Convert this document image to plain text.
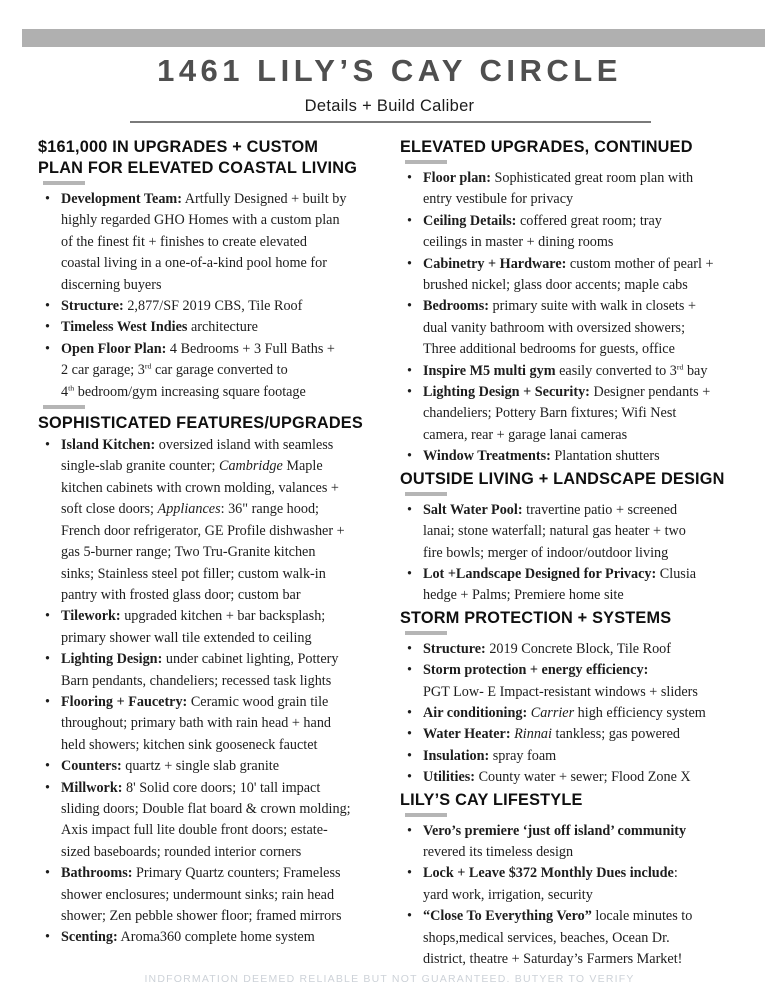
1461 LILY’S CAY CIRCLE
Details + Build Caliber
$161,000 IN UPGRADES + CUSTOM
PLAN FOR ELEVATED COASTAL LIVING
• Development Team: Artfully Designed + built by
highly regarded GHO Homes with a custom plan
of the finest fit + finishes to create elevated
coastal living in a one-of-a-kind pool home for
discerning buyers
• Structure: 2,877/SF 2019 CBS, Tile Roof
• Timeless West Indies architecture
• Open Floor Plan: 4 Bedrooms + 3 Full Baths +
2 car garage; 3rd car garage converted to
4th bedroom/gym increasing square footage
SOPHISTICATED FEATURES/UPGRADES
• Island Kitchen: oversized island with seamless
single-slab granite counter; Cambridge Maple
kitchen cabinets with crown molding, valances +
soft close doors; Appliances: 36" range hood;
French door refrigerator, GE Profile dishwasher +
gas 5-burner range; Two Tru-Granite kitchen
sinks; Stainless steel pot filler; custom walk-in
pantry with frosted glass door; custom bar
• Tilework: upgraded kitchen + bar backsplash;
primary shower wall tile extended to ceiling
• Lighting Design: under cabinet lighting, Pottery
Barn pendants, chandeliers; recessed task lights
• Flooring + Faucetry: Ceramic wood grain tile
throughout; primary bath with rain head + hand
held showers; kitchen sink gooseneck fauctet
• Counters: quartz + single slab granite
• Millwork: 8' Solid core doors; 10' tall impact
sliding doors; Double flat board & crown molding;
Axis impact full lite double front doors; estate-
sized baseboards; rounded interior corners
• Bathrooms: Primary Quartz counters; Frameless
shower enclosures; undermount sinks; rain head
shower; Zen pebble shower floor; framed mirrors
• Scenting: Aroma360 complete home system
ELEVATED UPGRADES, CONTINUED
• Floor plan: Sophisticated great room plan with
entry vestibule for privacy
• Ceiling Details: coffered great room; tray
ceilings in master + dining rooms
• Cabinetry + Hardware: custom mother of pearl +
brushed nickel; glass door accents; maple cabs
• Bedrooms: primary suite with walk in closets +
dual vanity bathroom with oversized showers;
Three additional bedrooms for guests, office
• Inspire M5 multi gym easily converted to 3rd bay
• Lighting Design + Security: Designer pendants +
chandeliers; Pottery Barn fixtures; Wifi Nest
camera, rear + garage lanai cameras
• Window Treatments: Plantation shutters
OUTSIDE LIVING + LANDSCAPE DESIGN
• Salt Water Pool: travertine patio + screened
lanai; stone waterfall; natural gas heater + two
fire bowls; merger of indoor/outdoor living
• Lot +Landscape Designed for Privacy: Clusia
hedge + Palms; Premiere home site
STORM PROTECTION + SYSTEMS
• Structure: 2019 Concrete Block, Tile Roof
• Storm protection + energy efficiency:
PGT Low- E Impact-resistant windows + sliders
• Air conditioning: Carrier high efficiency system
• Water Heater: Rinnai tankless; gas powered
• Insulation: spray foam
• Utilities: County water + sewer; Flood Zone X
LILY’S CAY LIFESTYLE
• Vero’s premiere ‘just off island’ community
revered its timeless design
• Lock + Leave $372 Monthly Dues include:
yard work, irrigation, security
• “Close To Everything Vero” locale minutes to
shops,medical services, beaches, Ocean Dr.
district, theatre + Saturday’s Farmers Market!
INDFORMATION DEEMED RELIABLE BUT NOT GUARANTEED. BUTYER TO VERIFY
